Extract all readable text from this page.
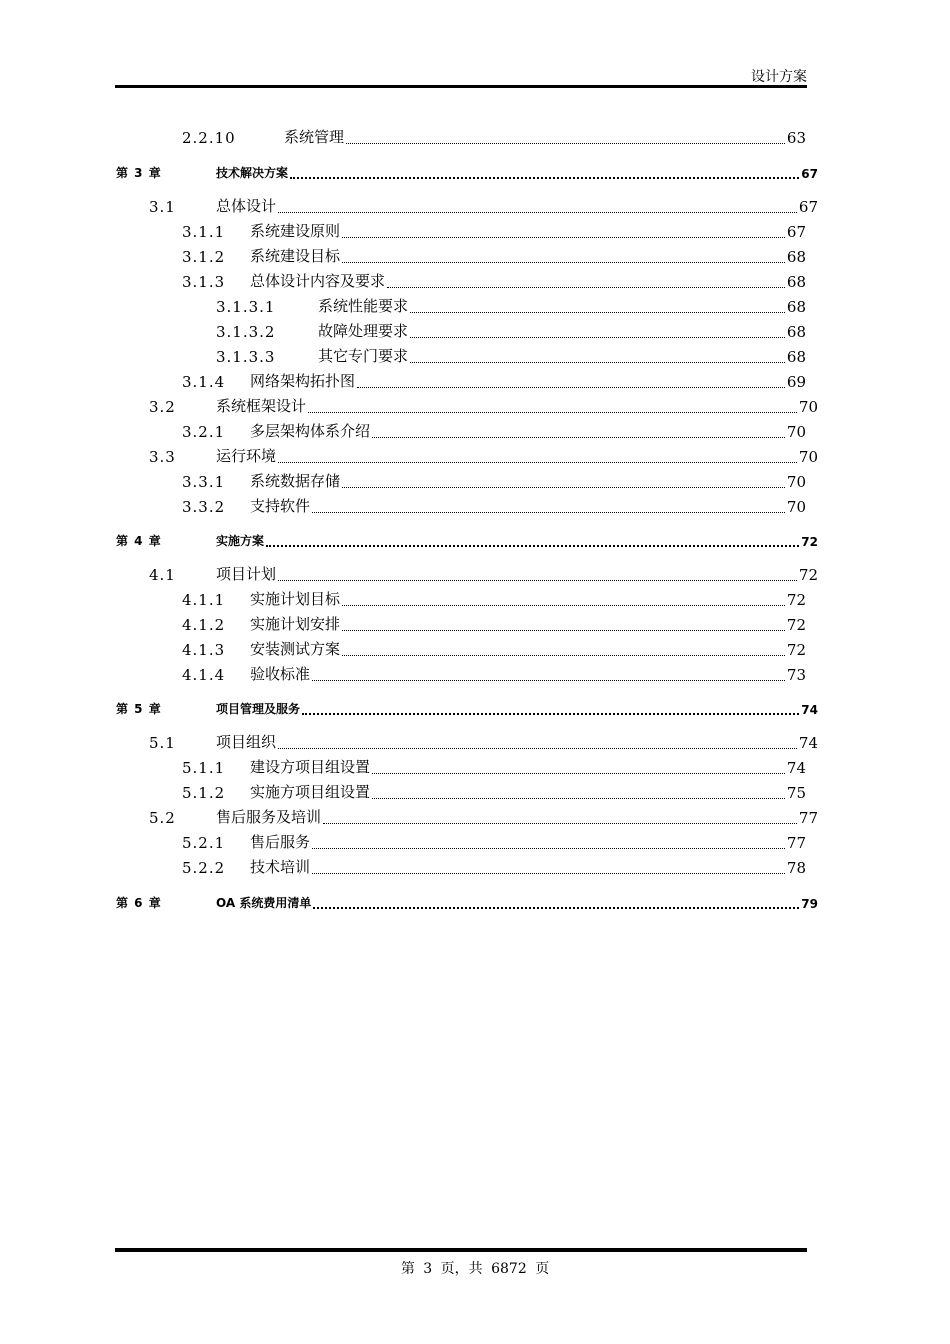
设计方案
2.2.10	系统管理	63
第 3 章	技术解决方案	67
3.1	总体设计	67
3.1.1 系统建设原则	67
3.1.2 系统建设目标	68
3.1.3 总体设计内容及要求	68
3.1.3.1	系统性能要求	68
3.1.3.2	故障处理要求	68
3.1.3.3	其它专门要求	68
3.1.4 网络架构拓扑图	69
3.2	系统框架设计	70
3.2.1 多层架构体系介绍	70
3.3	运行环境	70
3.3.1 系统数据存储	70
3.3.2 支持软件	70
第 4 章	实施方案	72
4.1	项目计划	72
4.1.1 实施计划目标	72
4.1.2 实施计划安排	72
4.1.3 安装测试方案	72
4.1.4 验收标准	73
第 5 章	项目管理及服务	74
5.1	项目组织	74
5.1.1 建设方项目组设置	74
5.1.2 实施方项目组设置	75
5.2	售后服务及培训	77
5.2.1 售后服务	77
5.2.2 技术培训	78
第 6 章	OA 系统费用清单	79
第 3 页，共 6872 页
